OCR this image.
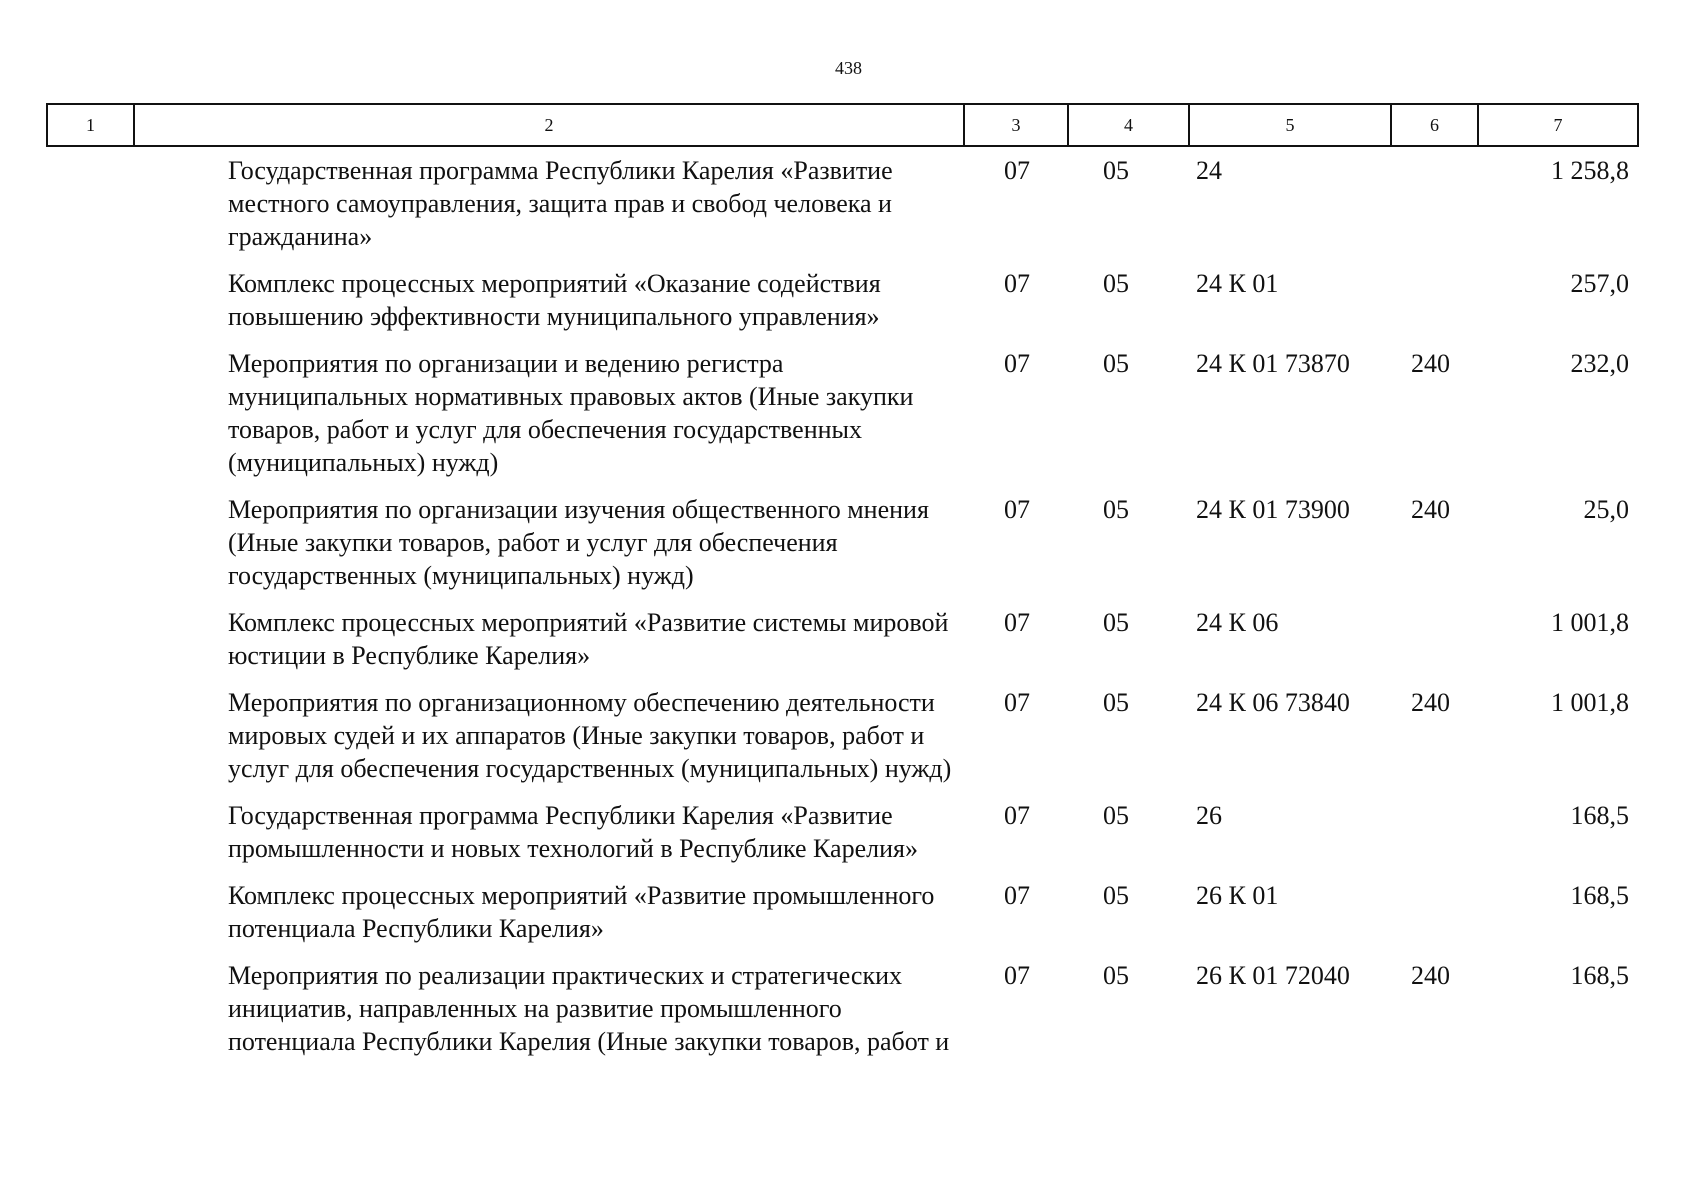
438
1	2	3	4	5	6	7
	Государственная программа Республики Карелия «Развитие местного самоуправления, защита прав и свобод человека и гражданина»	07	05	24		1 258,8
	Комплекс процессных мероприятий «Оказание содействия повышению эффективности муниципального управления»	07	05	24 К 01		257,0
	Мероприятия по организации и ведению регистра муниципальных нормативных правовых актов (Иные закупки товаров, работ и услуг для обеспечения государственных (муниципальных) нужд)	07	05	24 К 01 73870	240	232,0
	Мероприятия по организации изучения общественного мнения (Иные закупки товаров, работ и услуг для обеспечения государственных (муниципальных) нужд)	07	05	24 К 01 73900	240	25,0
	Комплекс процессных мероприятий «Развитие системы мировой юстиции в Республике Карелия»	07	05	24 К 06		1 001,8
	Мероприятия по организационному обеспечению деятельности мировых судей и их аппаратов (Иные закупки товаров, работ и услуг для обеспечения государственных (муниципальных) нужд)	07	05	24 К 06 73840	240	1 001,8
	Государственная программа Республики Карелия «Развитие промышленности и новых технологий в Республике Карелия»	07	05	26		168,5
	Комплекс процессных мероприятий «Развитие промышленного потенциала Республики Карелия»	07	05	26 К 01		168,5
	Мероприятия по реализации практических и стратегических инициатив, направленных на развитие промышленного потенциала Республики Карелия (Иные закупки товаров, работ и	07	05	26 К 01 72040	240	168,5
